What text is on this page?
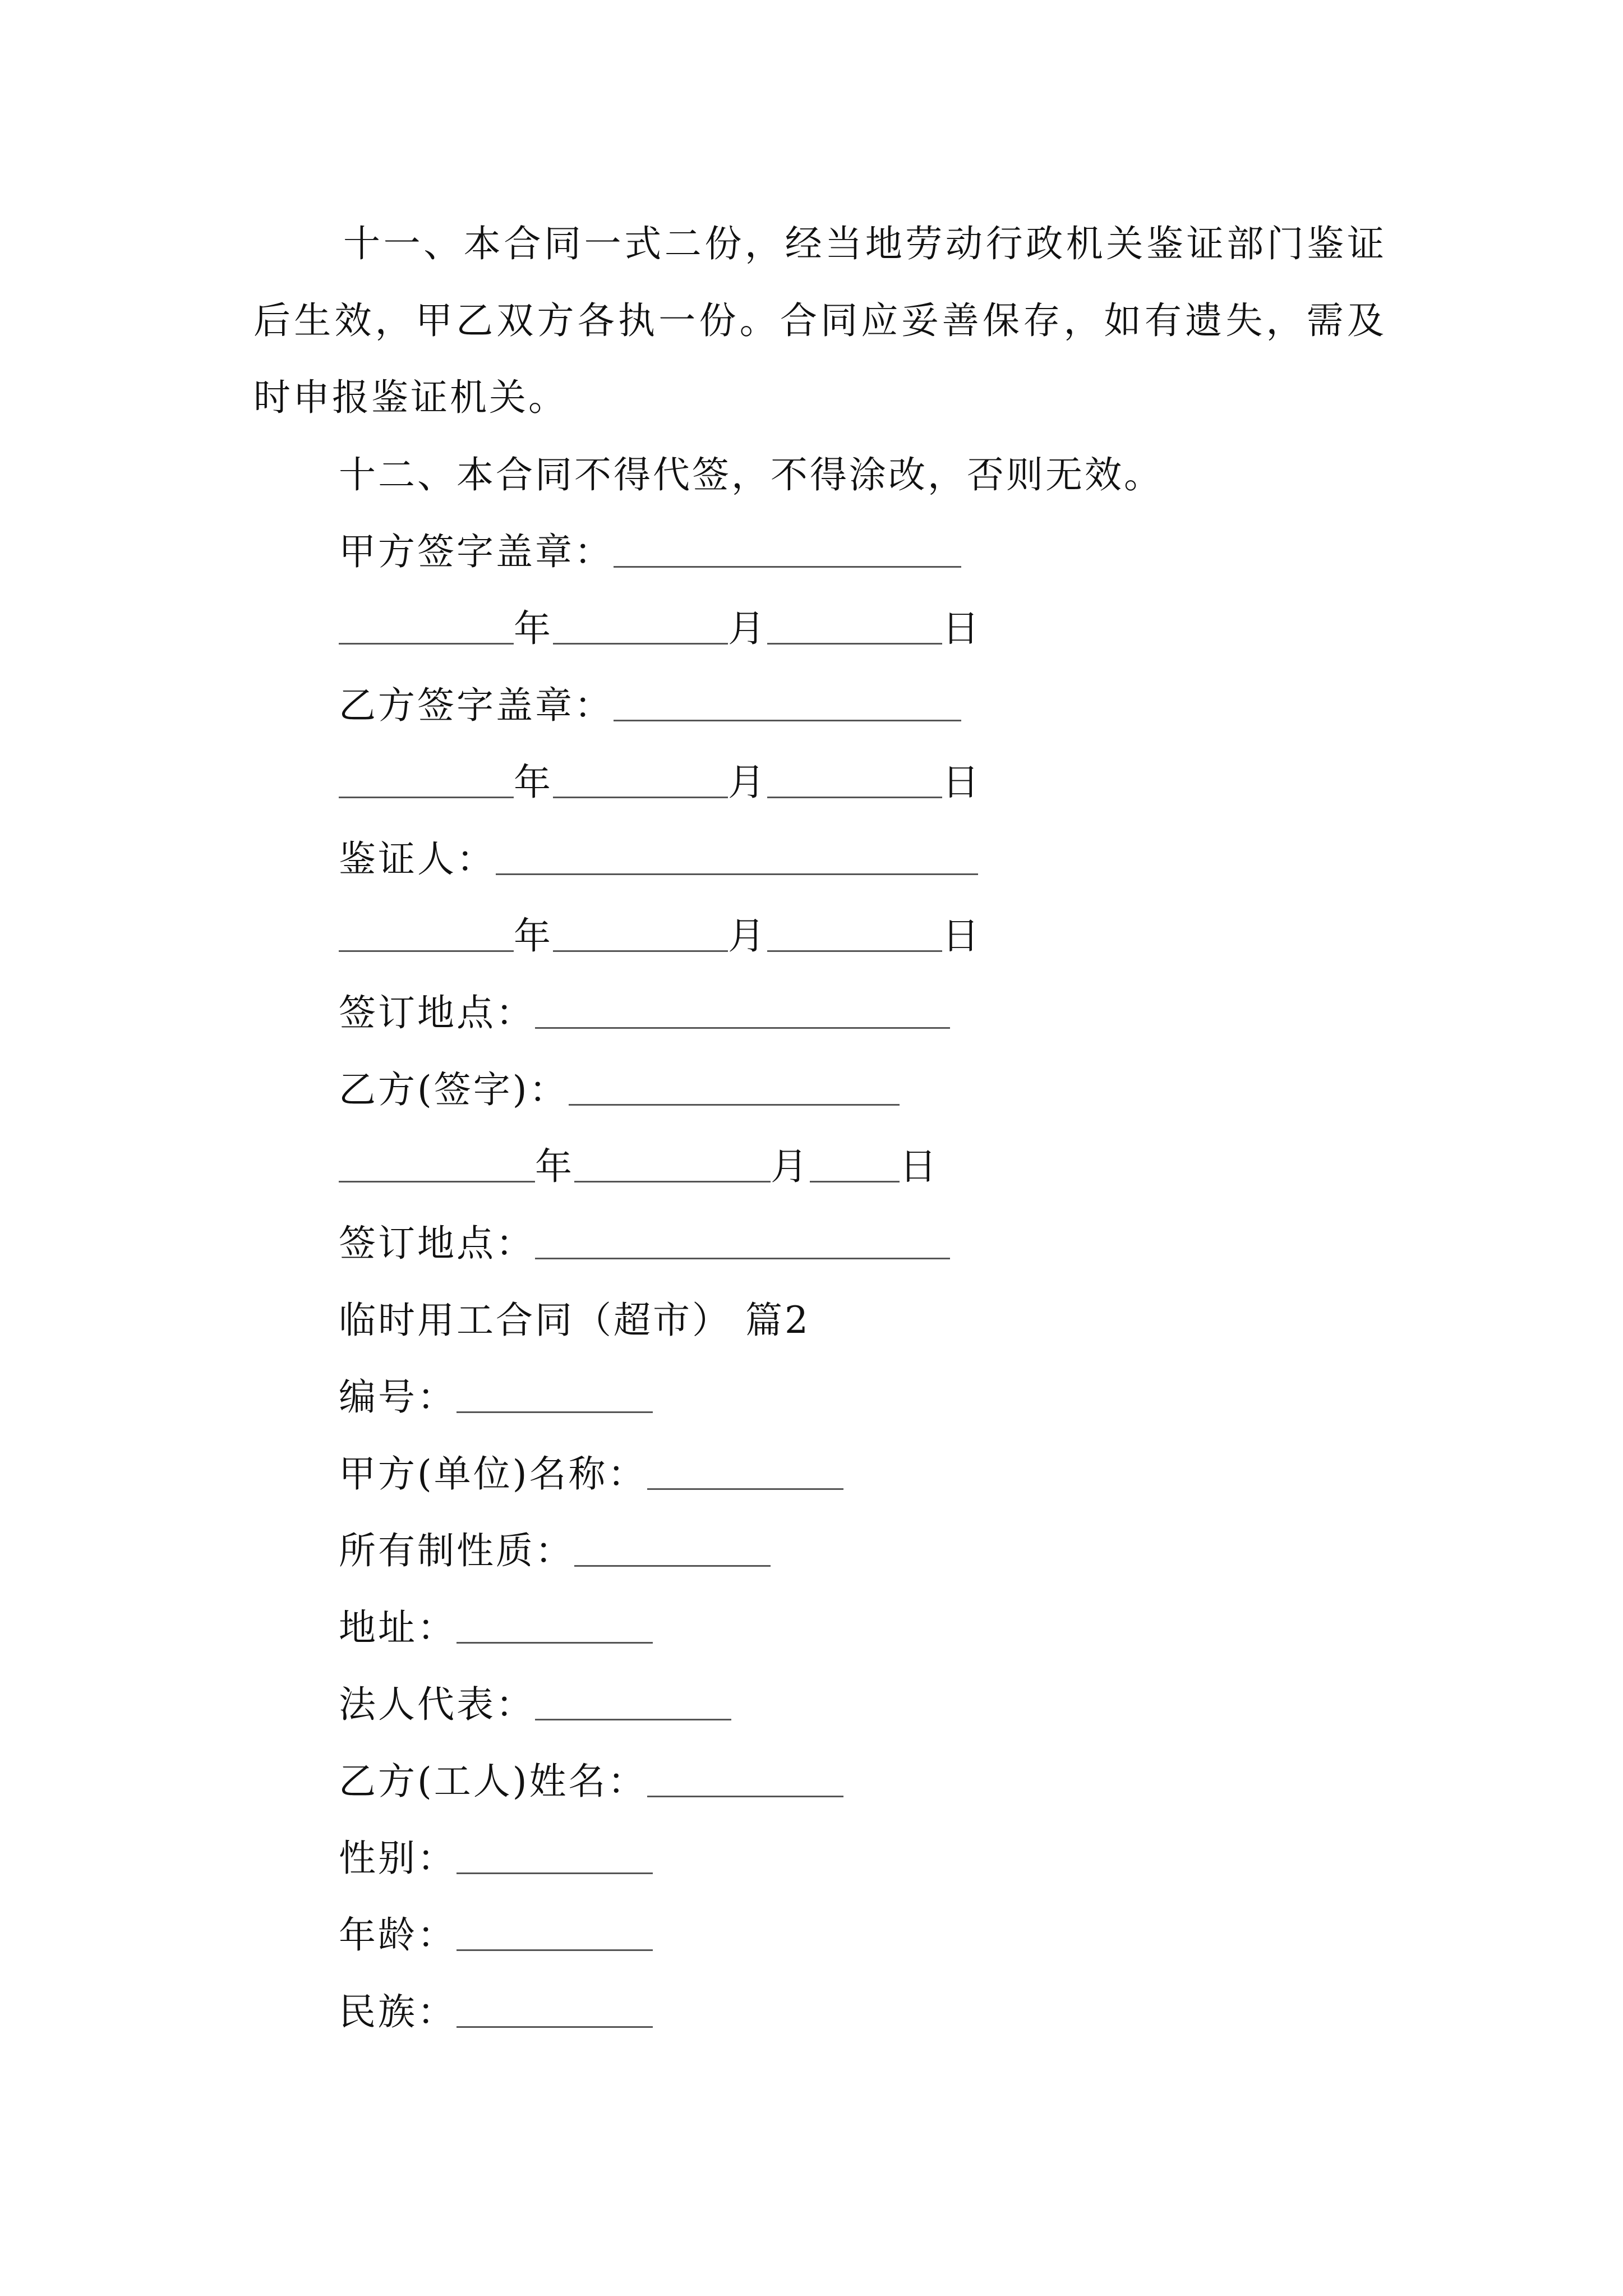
十一、本合同一式二份，经当地劳动行政机关鉴证部门鉴证后生效，甲乙双方各执一份。合同应妥善保存，如有遗失，需及时申报鉴证机关。

十二、本合同不得代签，不得涂改，否则无效。
甲方签字盖章：
年	月	日
乙方签字盖章：
年	月	日
鉴证人：
年	月	日
签订地点：
乙方(签字)：
年	月 日
签订地点：
临时用工合同（超市） 篇2
编号：
甲方(单位)名称：
所有制性质：
地址：
法人代表：
乙方(工人)姓名：
性别：
年龄：
民族：
